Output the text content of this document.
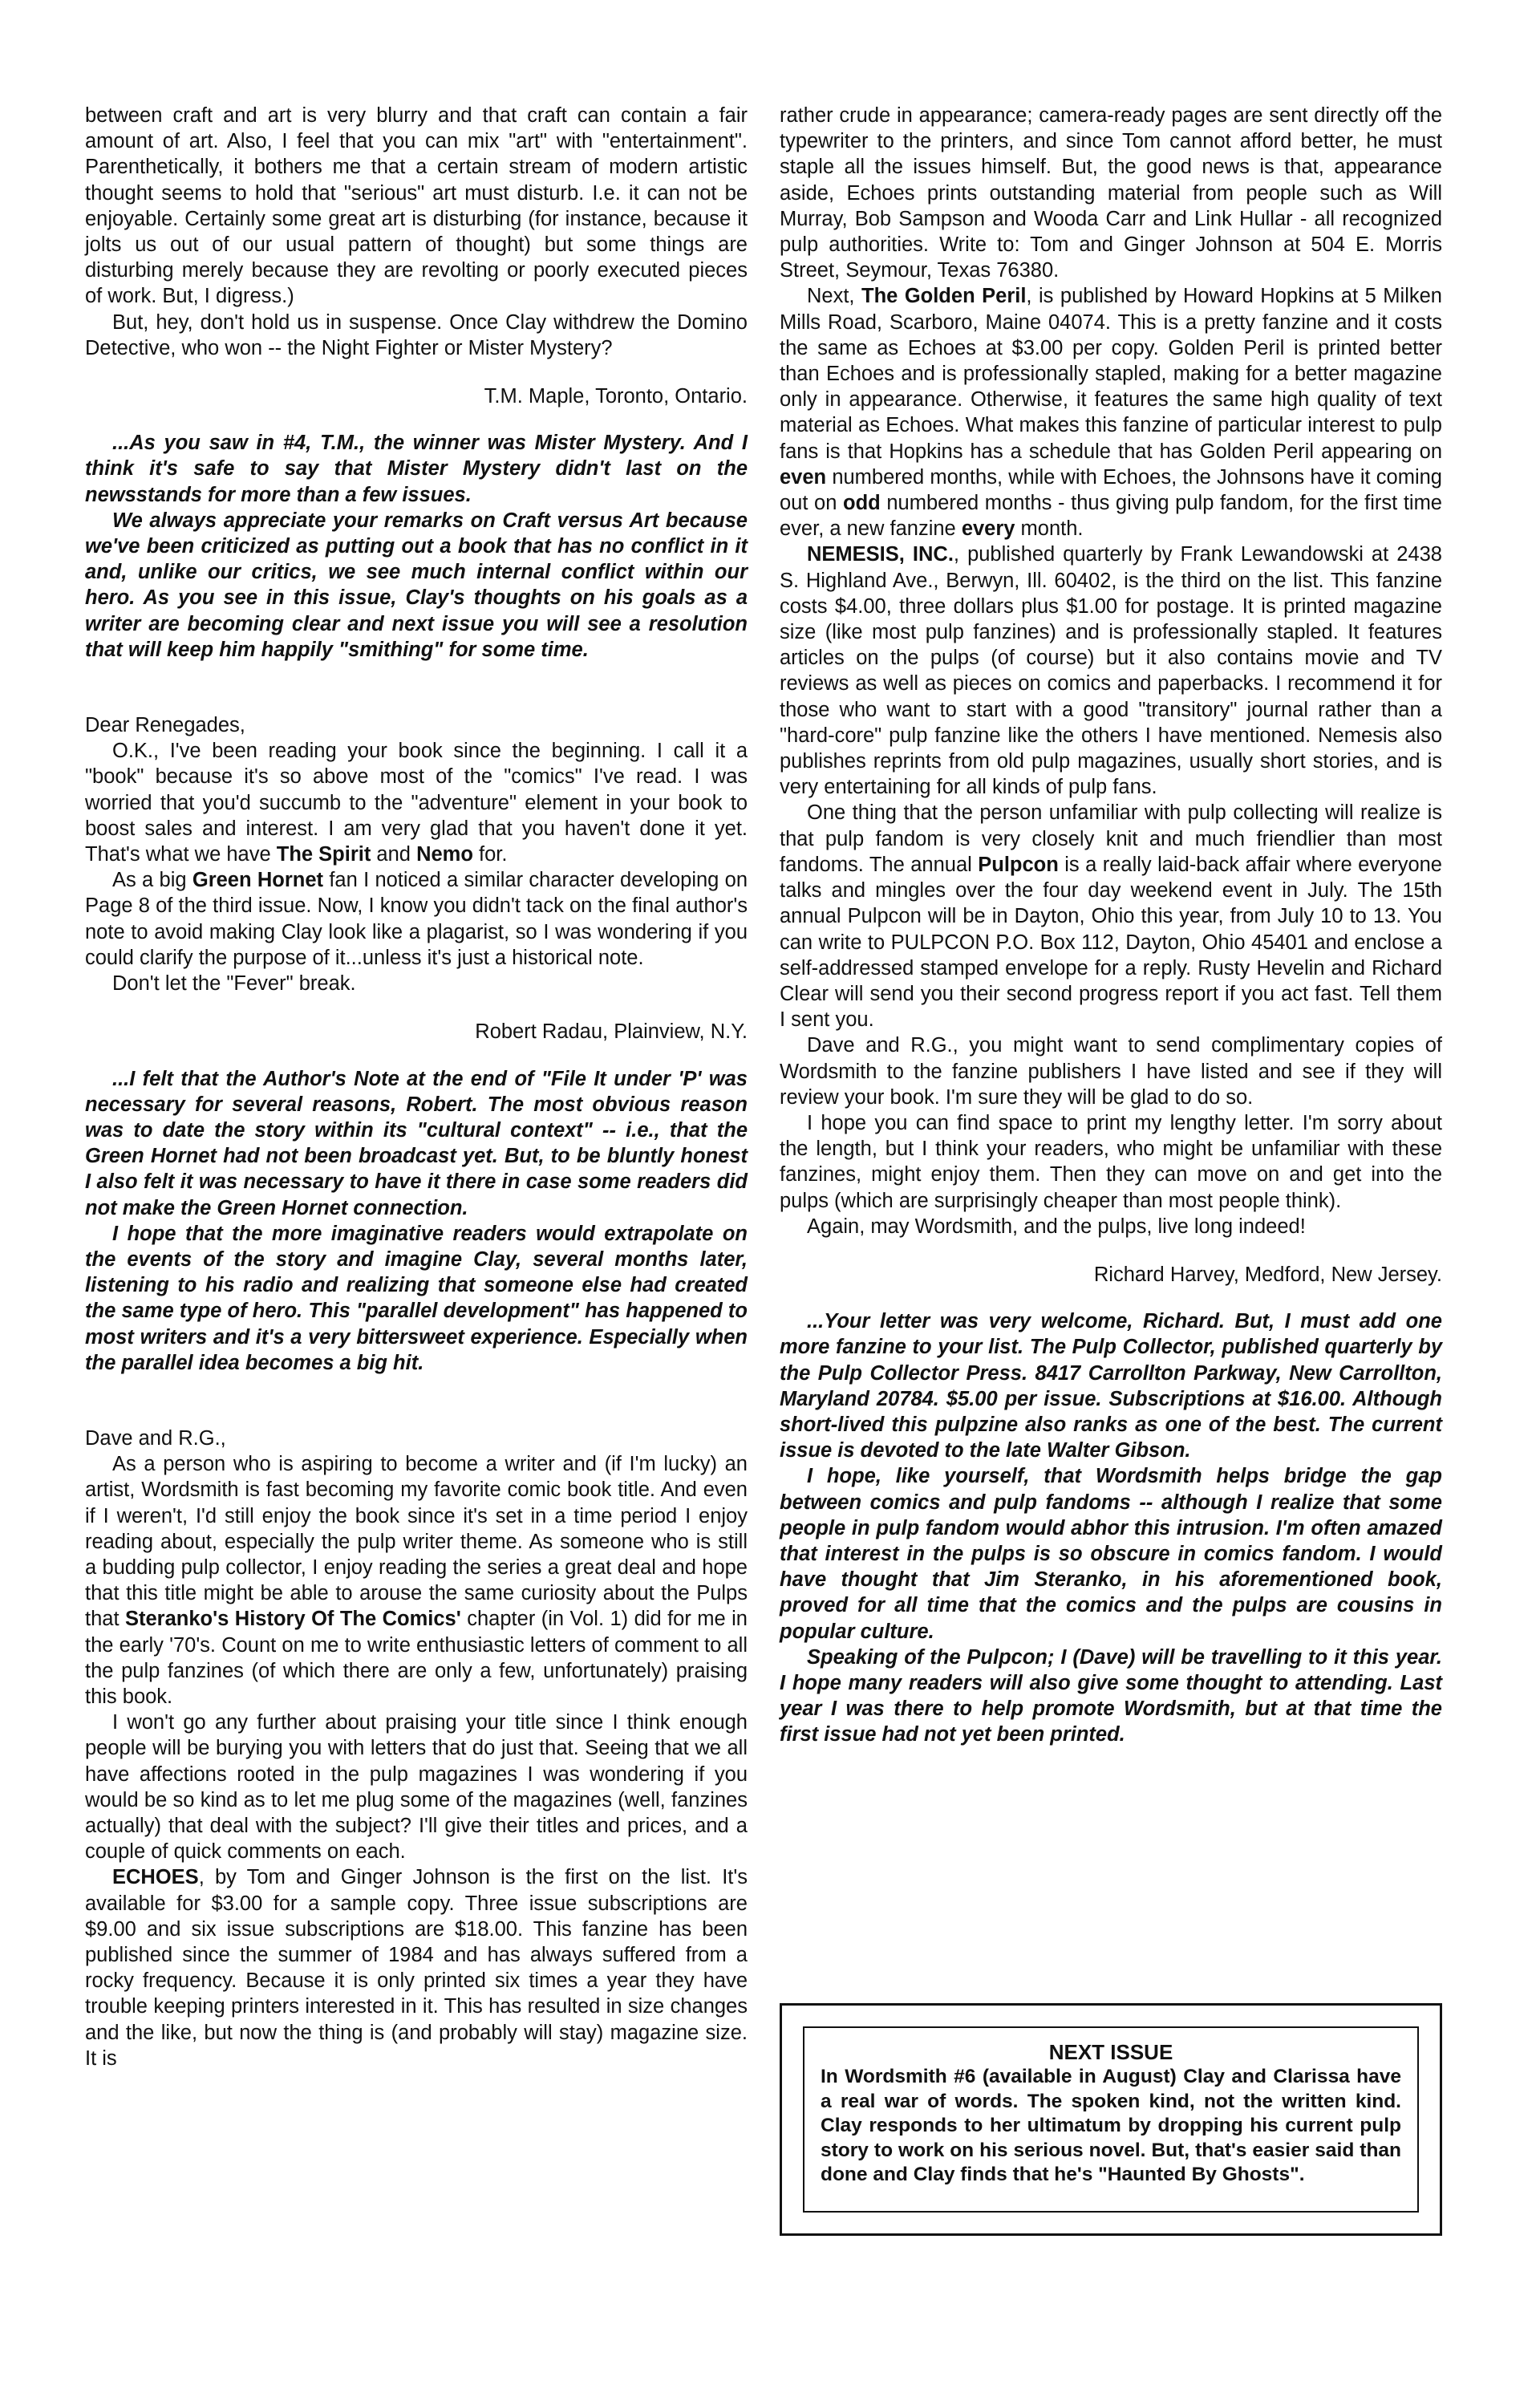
between craft and art is very blurry and that craft can contain a fair amount of art. Also, I feel that you can mix "art" with "entertainment". Parenthetically, it bothers me that a certain stream of modern artistic thought seems to hold that "serious" art must disturb. I.e. it can not be enjoyable. Certainly some great art is disturbing (for instance, because it jolts us out of our usual pattern of thought) but some things are disturbing merely because they are revolting or poorly executed pieces of work. But, I digress.)

But, hey, don't hold us in suspense. Once Clay withdrew the Domino Detective, who won -- the Night Fighter or Mister Mystery?

T.M. Maple, Toronto, Ontario.

...As you saw in #4, T.M., the winner was Mister Mystery. And I think it's safe to say that Mister Mystery didn't last on the newsstands for more than a few issues.

We always appreciate your remarks on Craft versus Art because we've been criticized as putting out a book that has no conflict in it and, unlike our critics, we see much internal conflict within our hero. As you see in this issue, Clay's thoughts on his goals as a writer are becoming clear and next issue you will see a resolution that will keep him happily "smithing" for some time.

Dear Renegades,

O.K., I've been reading your book since the beginning. I call it a "book" because it's so above most of the "comics" I've read. I was worried that you'd succumb to the "adventure" element in your book to boost sales and interest. I am very glad that you haven't done it yet. That's what we have The Spirit and Nemo for.

As a big Green Hornet fan I noticed a similar character developing on Page 8 of the third issue. Now, I know you didn't tack on the final author's note to avoid making Clay look like a plagarist, so I was wondering if you could clarify the purpose of it...unless it's just a historical note.

Don't let the "Fever" break.

Robert Radau, Plainview, N.Y.

...I felt that the Author's Note at the end of "File It under 'P' was necessary for several reasons, Robert. The most obvious reason was to date the story within its "cultural context" -- i.e., that the Green Hornet had not been broadcast yet. But, to be bluntly honest I also felt it was necessary to have it there in case some readers did not make the Green Hornet connection.

I hope that the more imaginative readers would extrapolate on the events of the story and imagine Clay, several months later, listening to his radio and realizing that someone else had created the same type of hero. This "parallel development" has happened to most writers and it's a very bittersweet experience. Especially when the parallel idea becomes a big hit.

Dave and R.G.,

As a person who is aspiring to become a writer and (if I'm lucky) an artist, Wordsmith is fast becoming my favorite comic book title. And even if I weren't, I'd still enjoy the book since it's set in a time period I enjoy reading about, especially the pulp writer theme. As someone who is still a budding pulp collector, I enjoy reading the series a great deal and hope that this title might be able to arouse the same curiosity about the Pulps that Steranko's History Of The Comics' chapter (in Vol. 1) did for me in the early '70's. Count on me to write enthusiastic letters of comment to all the pulp fanzines (of which there are only a few, unfortunately) praising this book.

I won't go any further about praising your title since I think enough people will be burying you with letters that do just that. Seeing that we all have affections rooted in the pulp magazines I was wondering if you would be so kind as to let me plug some of the magazines (well, fanzines actually) that deal with the subject? I'll give their titles and prices, and a couple of quick comments on each.

ECHOES, by Tom and Ginger Johnson is the first on the list. It's available for $3.00 for a sample copy. Three issue subscriptions are $9.00 and six issue subscriptions are $18.00. This fanzine has been published since the summer of 1984 and has always suffered from a rocky frequency. Because it is only printed six times a year they have trouble keeping printers interested in it. This has resulted in size changes and the like, but now the thing is (and probably will stay) magazine size. It is

rather crude in appearance; camera-ready pages are sent directly off the typewriter to the printers, and since Tom cannot afford better, he must staple all the issues himself. But, the good news is that, appearance aside, Echoes prints outstanding material from people such as Will Murray, Bob Sampson and Wooda Carr and Link Hullar - all recognized pulp authorities. Write to: Tom and Ginger Johnson at 504 E. Morris Street, Seymour, Texas 76380.

Next, The Golden Peril, is published by Howard Hopkins at 5 Milken Mills Road, Scarboro, Maine 04074. This is a pretty fanzine and it costs the same as Echoes at $3.00 per copy. Golden Peril is printed better than Echoes and is professionally stapled, making for a better magazine only in appearance. Otherwise, it features the same high quality of text material as Echoes. What makes this fanzine of particular interest to pulp fans is that Hopkins has a schedule that has Golden Peril appearing on even numbered months, while with Echoes, the Johnsons have it coming out on odd numbered months - thus giving pulp fandom, for the first time ever, a new fanzine every month.

NEMESIS, INC., published quarterly by Frank Lewandowski at 2438 S. Highland Ave., Berwyn, Ill. 60402, is the third on the list. This fanzine costs $4.00, three dollars plus $1.00 for postage. It is printed magazine size (like most pulp fanzines) and is professionally stapled. It features articles on the pulps (of course) but it also contains movie and TV reviews as well as pieces on comics and paperbacks. I recommend it for those who want to start with a good "transitory" journal rather than a "hard-core" pulp fanzine like the others I have mentioned. Nemesis also publishes reprints from old pulp magazines, usually short stories, and is very entertaining for all kinds of pulp fans.

One thing that the person unfamiliar with pulp collecting will realize is that pulp fandom is very closely knit and much friendlier than most fandoms. The annual Pulpcon is a really laid-back affair where everyone talks and mingles over the four day weekend event in July. The 15th annual Pulpcon will be in Dayton, Ohio this year, from July 10 to 13. You can write to PULPCON P.O. Box 112, Dayton, Ohio 45401 and enclose a self-addressed stamped envelope for a reply. Rusty Hevelin and Richard Clear will send you their second progress report if you act fast. Tell them I sent you.

Dave and R.G., you might want to send complimentary copies of Wordsmith to the fanzine publishers I have listed and see if they will review your book. I'm sure they will be glad to do so.

I hope you can find space to print my lengthy letter. I'm sorry about the length, but I think your readers, who might be unfamiliar with these fanzines, might enjoy them. Then they can move on and get into the pulps (which are surprisingly cheaper than most people think).

Again, may Wordsmith, and the pulps, live long indeed!

Richard Harvey, Medford, New Jersey.

...Your letter was very welcome, Richard. But, I must add one more fanzine to your list. The Pulp Collector, published quarterly by the Pulp Collector Press. 8417 Carrollton Parkway, New Carrollton, Maryland 20784. $5.00 per issue. Subscriptions at $16.00. Although short-lived this pulpzine also ranks as one of the best. The current issue is devoted to the late Walter Gibson.

I hope, like yourself, that Wordsmith helps bridge the gap between comics and pulp fandoms -- although I realize that some people in pulp fandom would abhor this intrusion. I'm often amazed that interest in the pulps is so obscure in comics fandom. I would have thought that Jim Steranko, in his aforementioned book, proved for all time that the comics and the pulps are cousins in popular culture.

Speaking of the Pulpcon; I (Dave) will be travelling to it this year. I hope many readers will also give some thought to attending. Last year I was there to help promote Wordsmith, but at that time the first issue had not yet been printed.

NEXT ISSUE
In Wordsmith #6 (available in August) Clay and Clarissa have a real war of words. The spoken kind, not the written kind. Clay responds to her ultimatum by dropping his current pulp story to work on his serious novel. But, that's easier said than done and Clay finds that he's "Haunted By Ghosts".
